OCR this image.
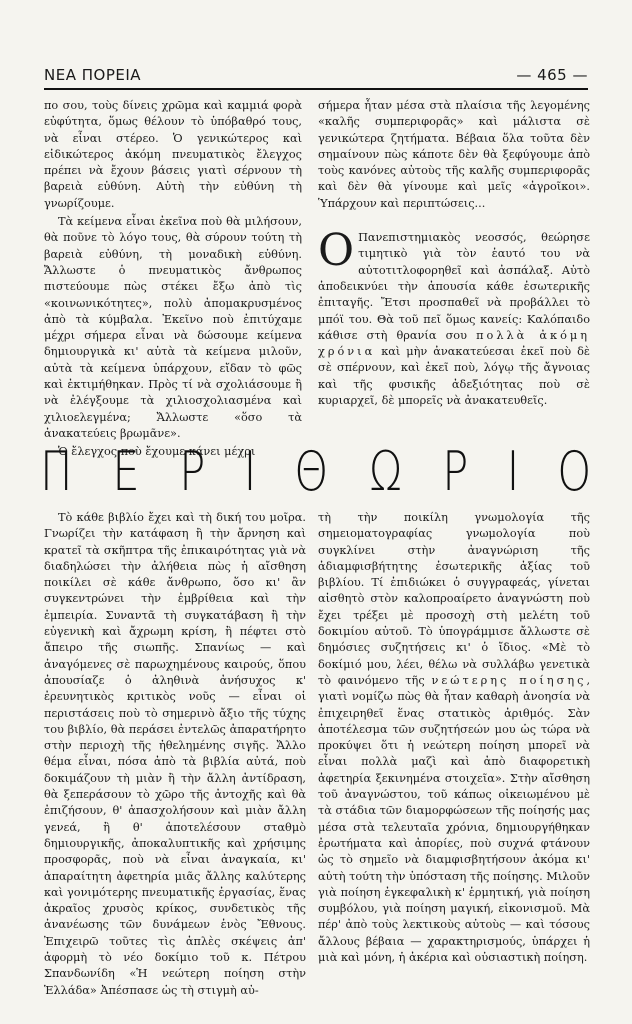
ΝΕΑ ΠΟΡΕΙΑ	— 465 —

πο σου, τοὺς δίνεις χρῶμα καὶ καμμιά φορὰ εὐφύτητα, ὅμως θέλουν τὸ ὑπόβαθρό τους, νὰ εἶναι στέρεο. Ὁ γενικώτερος καὶ εἰδικώτερος ἀκόμη πνευματικὸς ἔλεγχος πρέπει νὰ ἔχουν βάσεις γιατὶ σέρνουν τὴ βαρειὰ εὐθύνη. Αὐτὴ τὴν εὐθύνη τὴ γνωρίζουμε.

Τὰ κείμενα εἶναι ἐκεῖνα ποὺ θὰ μιλήσουν, θὰ ποῦνε τὸ λόγο τους, θὰ σύρουν τούτη τὴ βαρειὰ εὐθύνη, τὴ μοναδικὴ εὐθύνη. Ἄλλωστε ὁ πνευματικὸς ἄνθρωπος πιστεύουμε πὼς στέκει ἔξω ἀπὸ τὶς «κοινωνικότητες», πολὺ ἀπομακρυσμένος ἀπὸ τὰ κύμβαλα. Ἐκεῖνο ποὺ ἐπιτύχαμε μέχρι σήμερα εἶναι νὰ δώσουμε κείμενα δημιουργικὰ κι' αὐτὰ τὰ κείμενα μιλοῦν, αὐτὰ τὰ κείμενα ὑπάρχουν, εἴδαν τὸ φῶς καὶ ἐκτιμήθηκαν. Πρὸς τί νὰ σχολιάσουμε ἢ νὰ ἐλέγξουμε τὰ χιλιοσχολιασμένα καὶ χιλιοελεγμένα; Ἄλλωστε «ὅσο τὰ ἀνακατεύεις βρωμᾶνε».

Ὁ ἔλεγχος ποὺ ἔχουμε κάνει μέχρι

σήμερα ἦταν μέσα στὰ πλαίσια τῆς λεγομένης «καλῆς συμπεριφορᾶς» καὶ μάλιστα σὲ γενικώτερα ζητήματα. Βέβαια ὅλα τοῦτα δὲν σημαίνουν πὼς κάποτε δὲν θὰ ξεφύγουμε ἀπὸ τοὺς κανόνες αὐτοὺς τῆς καλῆς συμπεριφορᾶς καὶ δὲν θὰ γίνουμε καὶ μεῖς «ἀγροῖκοι». Ὑπάρχουν καὶ περιπτώσεις...

Ο Πανεπιστημιακὸς νεοσσός, θεώρησε τιμητικὸ γιὰ τὸν ἑαυτό του νὰ αὐτοτιτλοφορηθεῖ καὶ ἀσπάλαξ. Αὐτὸ ἀποδεικνύει τὴν ἀπουσία κάθε ἐσωτερικῆς ἐπιταγῆς. Ἔτσι προσπαθεῖ νὰ προβάλλει τὸ μπόϊ του. Θὰ τοῦ πεῖ ὅμως κανείς: Καλόπαιδο κάθισε στὴ θρανία σου πολλὰ ἀκόμη χρόνια καὶ μὴν ἀνακατεύεσαι ἐκεῖ ποὺ δὲ σὲ σπέρνουν, καὶ ἐκεῖ ποὺ, λόγῳ τῆς ἄγνοιας καὶ τῆς φυσικῆς ἀδεξιότητας ποὺ σὲ κυριαρχεῖ, δὲ μπορεῖς νὰ ἀνακατευθεῖς.

Π Ε Ρ Ι Θ Ω Ρ Ι Ο

Τὸ κάθε βιβλίο ἔχει καὶ τὴ δική του μοῖρα. Γνωρίζει τὴν κατάφαση ἢ τὴν ἄρνηση καὶ κρατεῖ τὰ σκῆπτρα τῆς ἐπικαιρότητας γιὰ νὰ διαδηλώσει τὴν ἀλήθεια πὼς ἡ αἴσθηση ποικίλει σὲ κάθε ἄνθρωπο, ὅσο κι' ἂν συγκεντρώνει τὴν ἐμβρίθεια καὶ τὴν ἐμπειρία. Συναντᾶ τὴ συγκατάβαση ἢ τὴν εὐγενικὴ καὶ ἄχρωμη κρίση, ἢ πέφτει στὸ ἄπειρο τῆς σιωπῆς. Σπανίως — καὶ ἀναγόμενες σὲ παρωχημένους καιρούς, ὅπου ἀπουσίαζε ὁ ἀληθινὰ ἀνήσυχος κ' ἐρευνητικὸς κριτικὸς νοῦς — εἶναι οἱ περιστάσεις ποὺ τὸ σημερινὸ ἄξιο τῆς τύχης του βιβλίο, θὰ περάσει ἐντελῶς ἀπαρατήρητο στὴν περιοχὴ τῆς ἠθελημένης σιγῆς. Ἄλλο θέμα εἶναι, πόσα ἀπὸ τὰ βιβλία αὐτά, ποὺ δοκιμάζουν τὴ μιὰν ἢ τὴν ἄλλη ἀντίδραση, θὰ ξεπεράσουν τὸ χῶρο τῆς ἀντοχῆς καὶ θὰ ἐπιζήσουν, θ' ἀπασχολήσουν καὶ μιὰν ἄλλη γενεά, ἢ θ' ἀποτελέσουν σταθμὸ δημιουργικῆς, ἀποκαλυπτικῆς καὶ χρήσιμης προσφορᾶς, ποὺ νὰ εἶναι ἀναγκαία, κι' ἀπαραίτητη ἀφετηρία μιᾶς ἄλλης καλύτερης καὶ γονιμότερης πνευματικῆς ἐργασίας, ἕνας ἀκραῖος χρυσὸς κρίκος, συνδετικὸς τῆς ἀνανέωσης τῶν δυνάμεων ἑνὸς Ἔθνους. Ἐπιχειρῶ τοῦτες τὶς ἁπλὲς σκέψεις ἀπ' ἀφορμὴ τὸ νέο δοκίμιο τοῦ κ. Πέτρου Σπανδωνίδη «Ἡ νεώτερη ποίηση στὴν Ἑλλάδα» Ἀπέσπασε ὡς τὴ στιγμὴ αὐ-

τὴ τὴν ποικίλη γνωμολογία τῆς σημειοματογραφίας γνωμολογία ποὺ συγκλίνει στὴν ἀναγνώριση τῆς ἀδιαμφισβήτητης ἐσωτερικῆς ἀξίας τοῦ βιβλίου. Τί ἐπιδιώκει ὁ συγγραφεάς, γίνεται αἰσθητὸ στὸν καλοπροαίρετο ἀναγνώστη ποὺ ἔχει τρέξει μὲ προσοχὴ στὴ μελέτη τοῦ δοκιμίου αὐτοῦ. Τὸ ὑπογράμμισε ἄλλωστε σὲ δημόσιες συζητήσεις κι' ὁ ἴδιος. «Μὲ τὸ δοκίμιό μου, λέει, θέλω νὰ συλλάβω γενετικὰ τὸ φαινόμενο τῆς νεώτερης ποίησης, γιατὶ νομίζω πὼς θὰ ἦταν καθαρὴ ἀνοησία νὰ ἐπιχειρηθεῖ ἕνας στατικὸς ἀριθμός. Σὰν ἀποτέλεσμα τῶν συζητήσεών μου ὡς τώρα νὰ προκύψει ὅτι ἡ νεώτερη ποίηση μπορεῖ νὰ εἶναι πολλὰ μαζὶ καὶ ἀπὸ διαφορετικὴ ἀφετηρία ξεκινημένα στοιχεῖα». Στὴν αἴσθηση τοῦ ἀναγνώστου, τοῦ κάπως οἰκειωμένου μὲ τὰ στάδια τῶν διαμορφώσεων τῆς ποίησής μας μέσα στὰ τελευταῖα χρόνια, δημιουργήθηκαν ἐρωτήματα καὶ ἀπορίες, ποὺ συχνά φτάνουν ὡς τὸ σημεῖο νὰ διαμφισβητήσουν ἀκόμα κι' αὐτὴ τούτη τὴν ὑπόσταση τῆς ποίησης. Μιλοῦν γιὰ ποίηση ἐγκεφαλικὴ κ' ἑρμητική, γιὰ ποίηση συμβόλου, γιὰ ποίηση μαγική, εἰκονισμοῦ. Μὰ πέρ' ἀπὸ τοὺς λεκτικοὺς αὐτοὺς — καὶ τόσους ἄλλους βέβαια — χαρακτηρισμούς, ὑπάρχει ἡ μιὰ καὶ μόνη, ἡ ἀκέρια καὶ οὐσιαστικὴ ποίηση.
